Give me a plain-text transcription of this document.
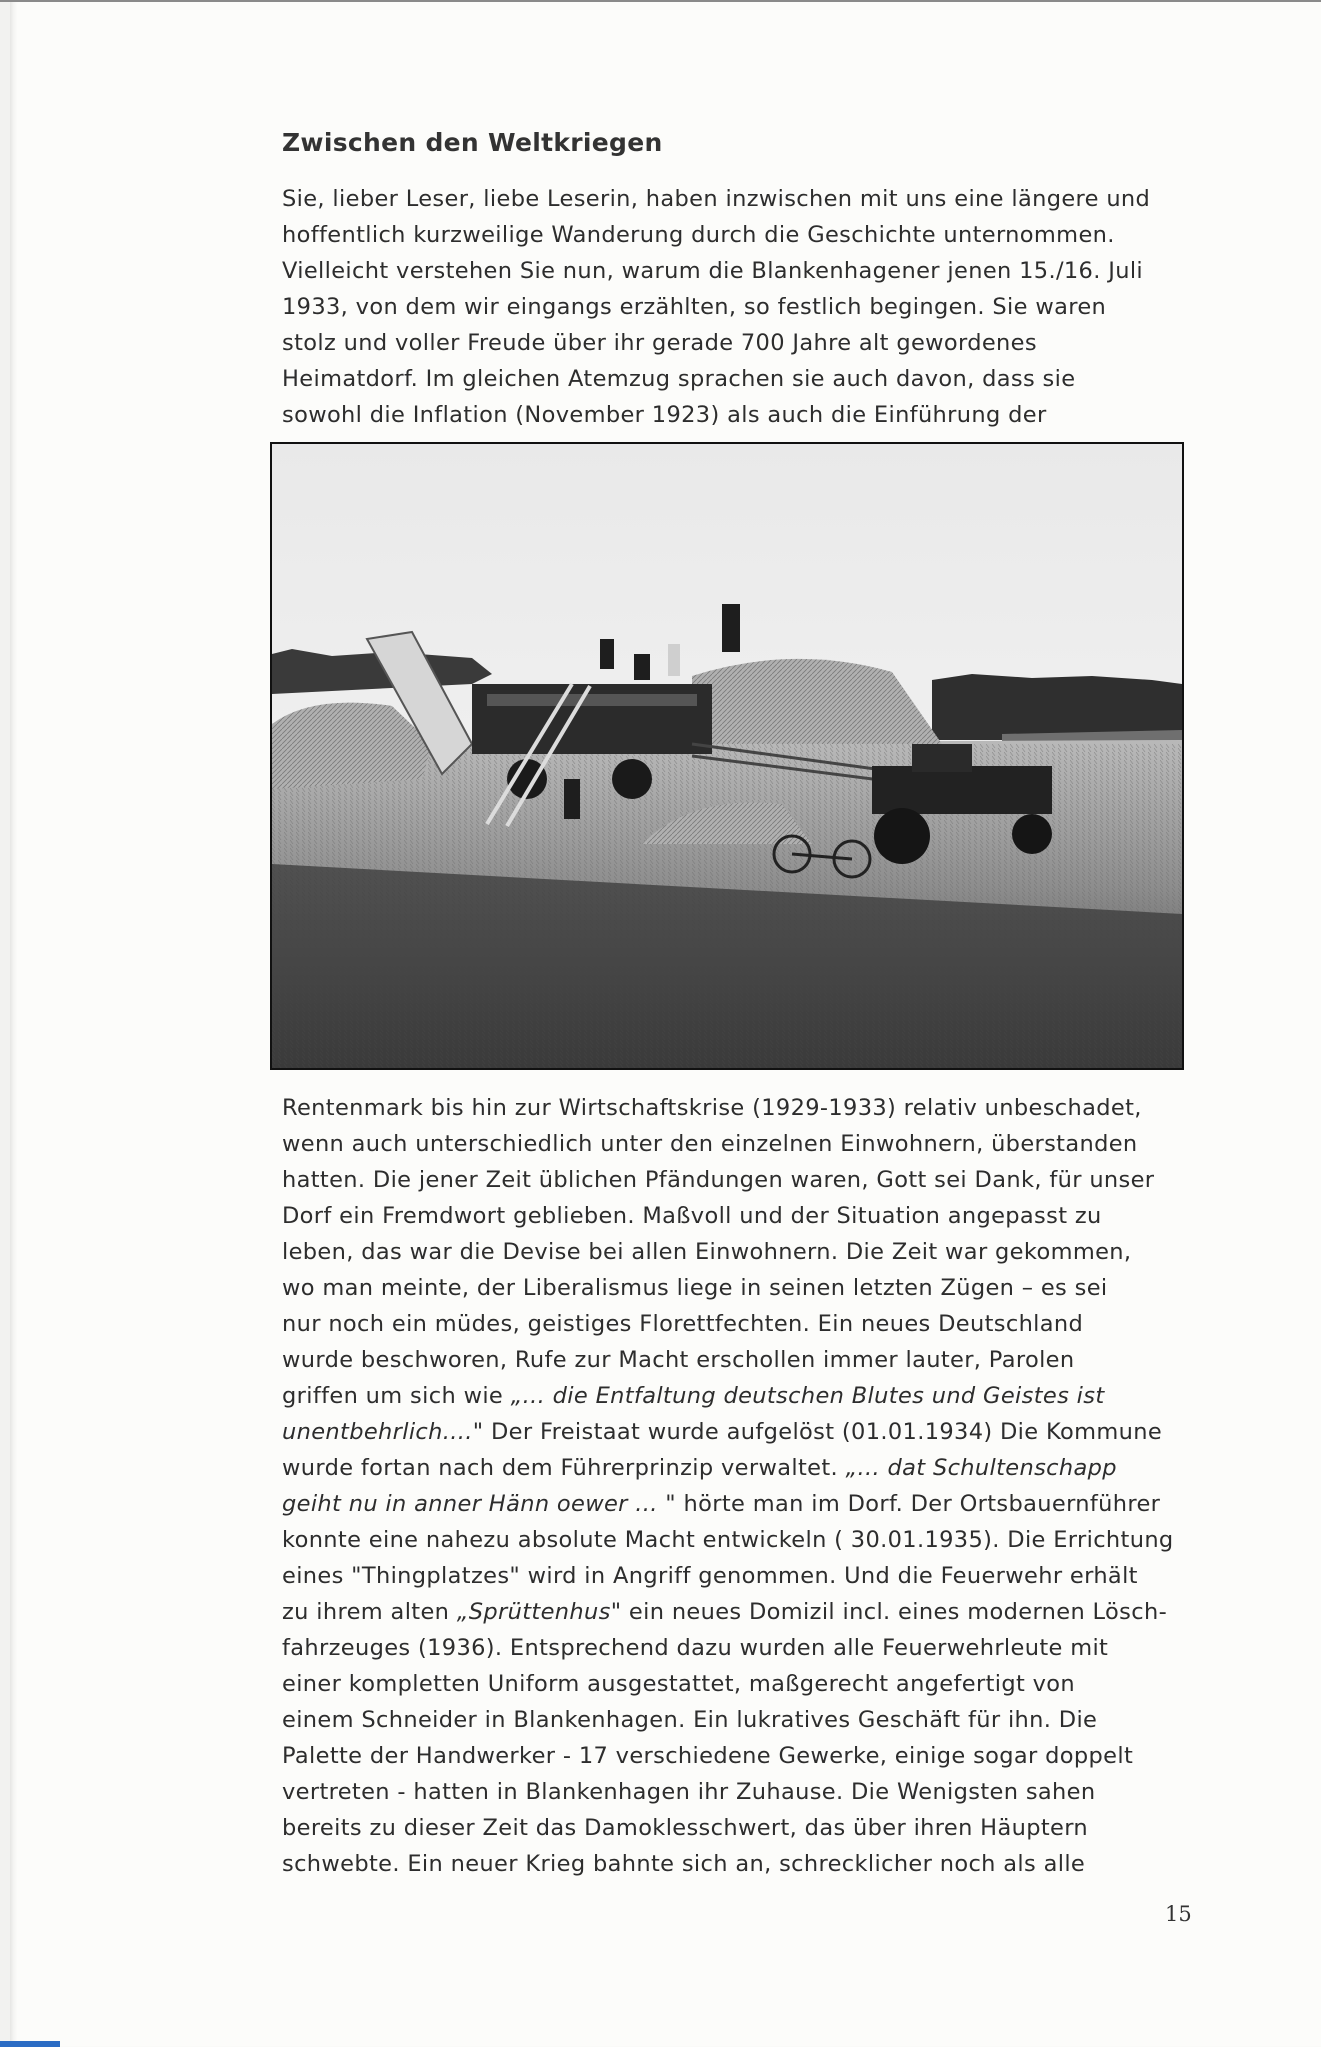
Zwischen den Weltkriegen
Sie, lieber Leser, liebe Leserin, haben inzwischen mit uns eine längere und
hoffentlich kurzweilige Wanderung durch die Geschichte unternommen.
Vielleicht verstehen Sie nun, warum die Blankenhagener jenen 15./16. Juli
1933, von dem wir eingangs erzählten, so festlich begingen. Sie waren
stolz und voller Freude über ihr gerade 700 Jahre alt gewordenes
Heimatdorf. Im gleichen Atemzug sprachen sie auch davon, dass sie
sowohl die Inflation (November 1923) als auch die Einführung der
Rentenmark bis hin zur Wirtschaftskrise (1929-1933) relativ unbeschadet,
wenn auch unterschiedlich unter den einzelnen Einwohnern, überstanden
hatten. Die jener Zeit üblichen Pfändungen waren, Gott sei Dank, für unser
Dorf ein Fremdwort geblieben. Maßvoll und der Situation angepasst zu
leben, das war die Devise bei allen Einwohnern. Die Zeit war gekommen,
wo man meinte, der Liberalismus liege in seinen letzten Zügen – es sei
nur noch ein müdes, geistiges Florettfechten. Ein neues Deutschland
wurde beschworen, Rufe zur Macht erschollen immer lauter, Parolen
griffen um sich wie „... die Entfaltung deutschen Blutes und Geistes ist
unentbehrlich...." Der Freistaat wurde aufgelöst (01.01.1934) Die Kommune
wurde fortan nach dem Führerprinzip verwaltet. „... dat Schultenschapp
geiht nu in anner Hänn oewer ... " hörte man im Dorf. Der Ortsbauernführer
konnte eine nahezu absolute Macht entwickeln ( 30.01.1935). Die Errichtung
eines "Thingplatzes" wird in Angriff genommen. Und die Feuerwehr erhält
zu ihrem alten „Sprüttenhus" ein neues Domizil incl. eines modernen Lösch-
fahrzeuges (1936). Entsprechend dazu wurden alle Feuerwehrleute mit
einer kompletten Uniform ausgestattet, maßgerecht angefertigt von
einem Schneider in Blankenhagen. Ein lukratives Geschäft für ihn. Die
Palette der Handwerker - 17 verschiedene Gewerke, einige sogar doppelt
vertreten - hatten in Blankenhagen ihr Zuhause. Die Wenigsten sahen
bereits zu dieser Zeit das Damoklesschwert, das über ihren Häuptern
schwebte. Ein neuer Krieg bahnte sich an, schrecklicher noch als alle
15
